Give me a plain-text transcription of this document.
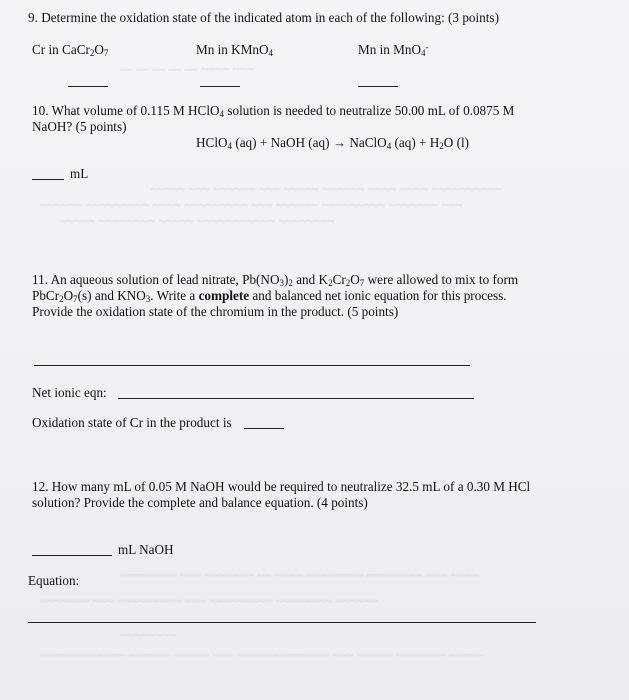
— — — — — ~~~~ ~~~
~~~~~ ~~~ ~~~~~~ ~~~ ~~~~~ ~~~~~~ ~~~~ ~~~~ ~~~~~~~~~~
~~~~~~ ~~~~~~~~~ ~~~~ ~~~~~~~~~ ~~~ ~~~~~~ ~~~~~~~~~ ~~~~~~~ ~~~
~~~~~ ~~~~~~~~ ~~~~~ ~~~~~~~~~~~ ~~~~~~~~
~~~~~~~~ ~~~ ~~~~~~~ ~~ ~~~~ ~~~~~~~~ ~~~~~~~~ ~~~ ~~~~
~~~~~~~ ~~~ ~~~~~~~~~ ~~~ ~~~~~~~~~ ~~~~~~~~ ~~~~~~
~~~~~~~~
~~~~~~~~~~~~ ~~~~~~ ~~~~~ ~~~ ~~~~~~~~~~~~~ ~~~ ~~~~~ ~~~~~~~ ~~~~~
9. Determine the oxidation state of the indicated atom in each of the following: (3 points)
Cr in $CaCr_2O_7$	Mn in KMnO$_4$	Mn in MnO$_4$-
10. What volume of 0.115 M HClO$_4$ solution is needed to neutralize 50.00 mL of 0.0875 M
NaOH? (5 points)
HClO$_4$ (aq) + NaOH (aq) → NaClO$_4$ $(aq) + H_2O$ (l)
mL
11. An aqueous solution of lead nitrate, $Pb(NO_3)_2$ and $K_2Cr_2O_7$ were allowed to mix to form
$PbCr_2O_7(s)$ and $KNO_3$. Write a complete and balanced net ionic equation for this process.
Provide the oxidation state of the chromium in the product. (5 points)
Net ionic eqn:
Oxidation state of Cr in the product is
12. How many mL of 0.05 M NaOH would be required to neutralize 32.5 mL of a 0.30 M HCl
solution? Provide the complete and balance equation. (4 points)
mL NaOH
Equation:
